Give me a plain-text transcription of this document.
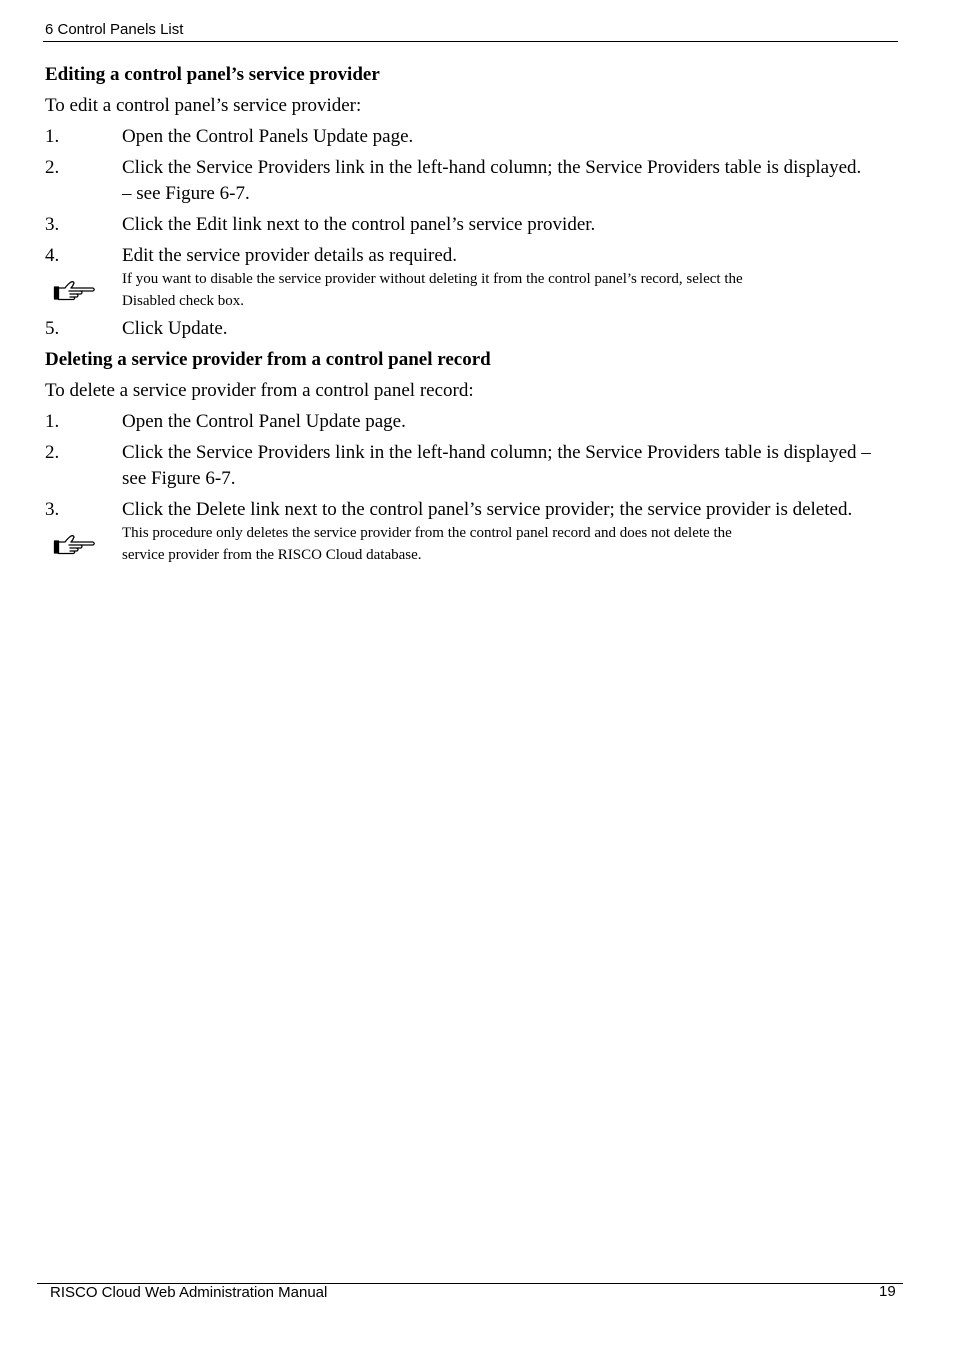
6 Control Panels List
Editing a control panel’s service provider
To edit a control panel’s service provider:
1.	Open the Control Panels Update page.
2.	Click the Service Providers link in the left-hand column; the Service Providers table is displayed. – see Figure 6-7.
3.	Click the Edit link next to the control panel’s service provider.
4.	Edit the service provider details as required.
If you want to disable the service provider without deleting it from the control panel’s record, select the Disabled check box.
5.	Click Update.
Deleting a service provider from a control panel record
To delete a service provider from a control panel record:
1.	Open the Control Panel Update page.
2.	Click the Service Providers link in the left-hand column; the Service Providers table is displayed – see Figure 6-7.
3.	Click the Delete link next to the control panel’s service provider; the service provider is deleted.
This procedure only deletes the service provider from the control panel record and does not delete the service provider from the RISCO Cloud database.
RISCO Cloud Web Administration Manual	19
